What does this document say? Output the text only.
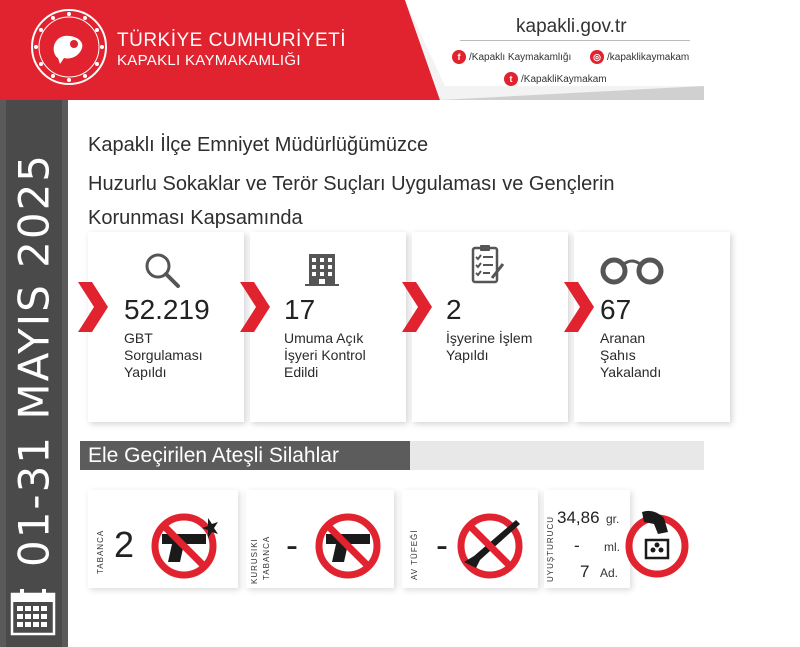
TÜRKİYE CUMHURİYETİ
KAPAKLI KAYMAKAMLIĞI
kapakli.gov.tr
f /Kapaklı Kaymakamlığı	◎ /kapaklikaymakam
t /KapakliKaymakam
01-31 MAYIS 2025
Kapaklı İlçe Emniyet Müdürlüğümüzce
Huzurlu Sokaklar ve Terör Suçları Uygulaması ve Gençlerin
Korunması Kapsamında
52.219
GBT
Sorgulaması
Yapıldı
17
Umuma Açık
İşyeri Kontrol
Edildi
2
İşyerine İşlem
Yapıldı
67
Aranan
Şahıs
Yakalandı
Ele Geçirilen Ateşli Silahlar
TABANCA	KURUSIKI TABANCA	AV TÜFEĞİ	UYUŞTURUCU
2	-	-
34,86 gr.
- ml.
7 Ad.
